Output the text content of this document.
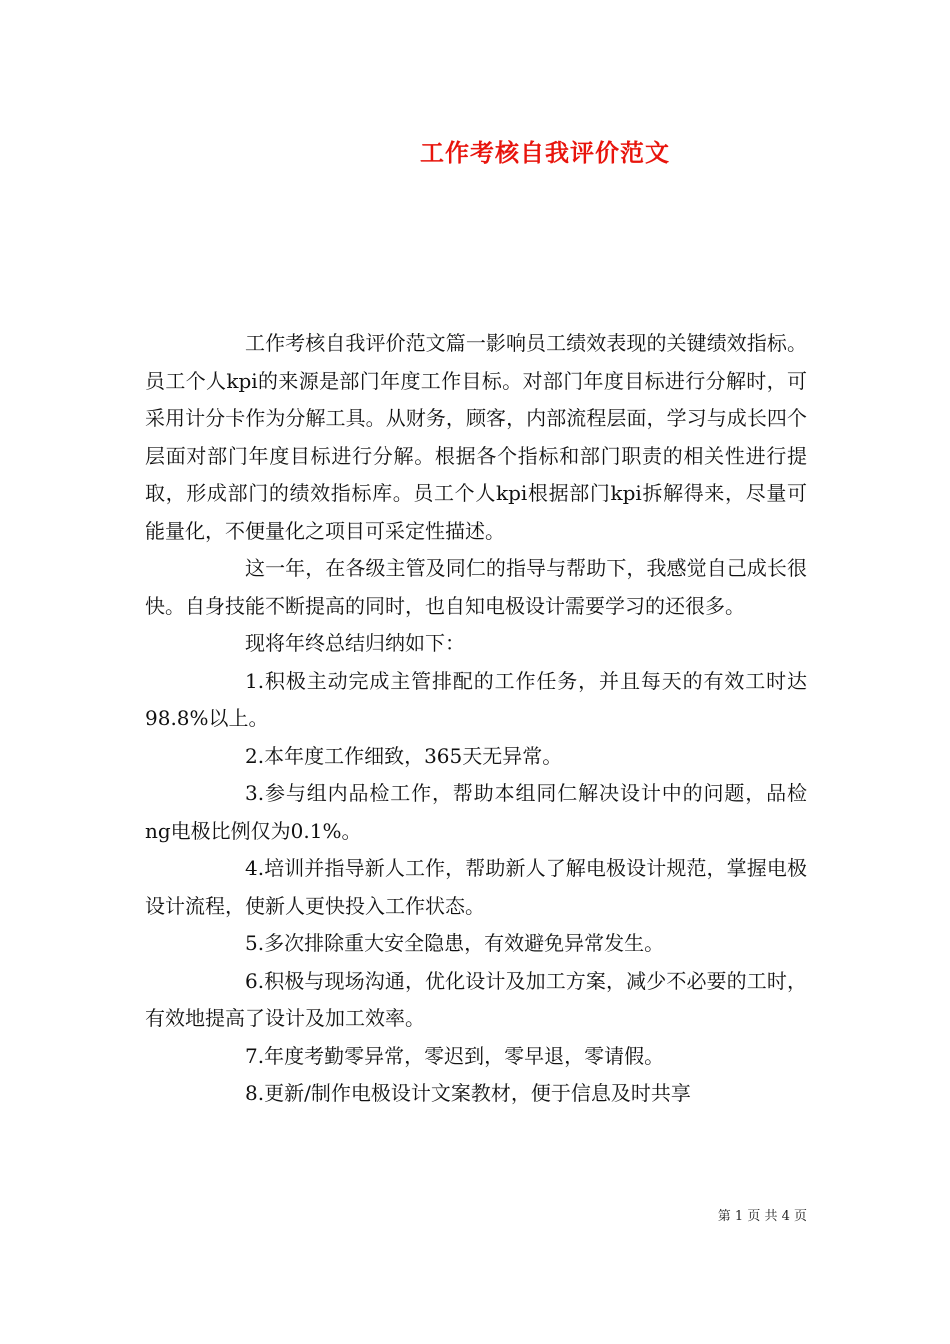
工作考核自我评价范文

工作考核自我评价范文篇一影响员工绩效表现的关键绩效指标。员工个人kpi的来源是部门年度工作目标。对部门年度目标进行分解时，可采用计分卡作为分解工具。从财务，顾客，内部流程层面，学习与成长四个层面对部门年度目标进行分解。根据各个指标和部门职责的相关性进行提取，形成部门的绩效指标库。员工个人kpi根据部门kpi拆解得来，尽量可能量化，不便量化之项目可采定性描述。

这一年，在各级主管及同仁的指导与帮助下，我感觉自己成长很快。自身技能不断提高的同时，也自知电极设计需要学习的还很多。

现将年终总结归纳如下：

1.积极主动完成主管排配的工作任务，并且每天的有效工时达98.8%以上。

2.本年度工作细致，365天无异常。

3.参与组内品检工作，帮助本组同仁解决设计中的问题，品检ng电极比例仅为0.1%。

4.培训并指导新人工作，帮助新人了解电极设计规范，掌握电极设计流程，使新人更快投入工作状态。

5.多次排除重大安全隐患，有效避免异常发生。

6.积极与现场沟通，优化设计及加工方案，减少不必要的工时，有效地提高了设计及加工效率。

7.年度考勤零异常，零迟到，零早退，零请假。

8.更新/制作电极设计文案教材，便于信息及时共享

第 1 页 共 4 页
